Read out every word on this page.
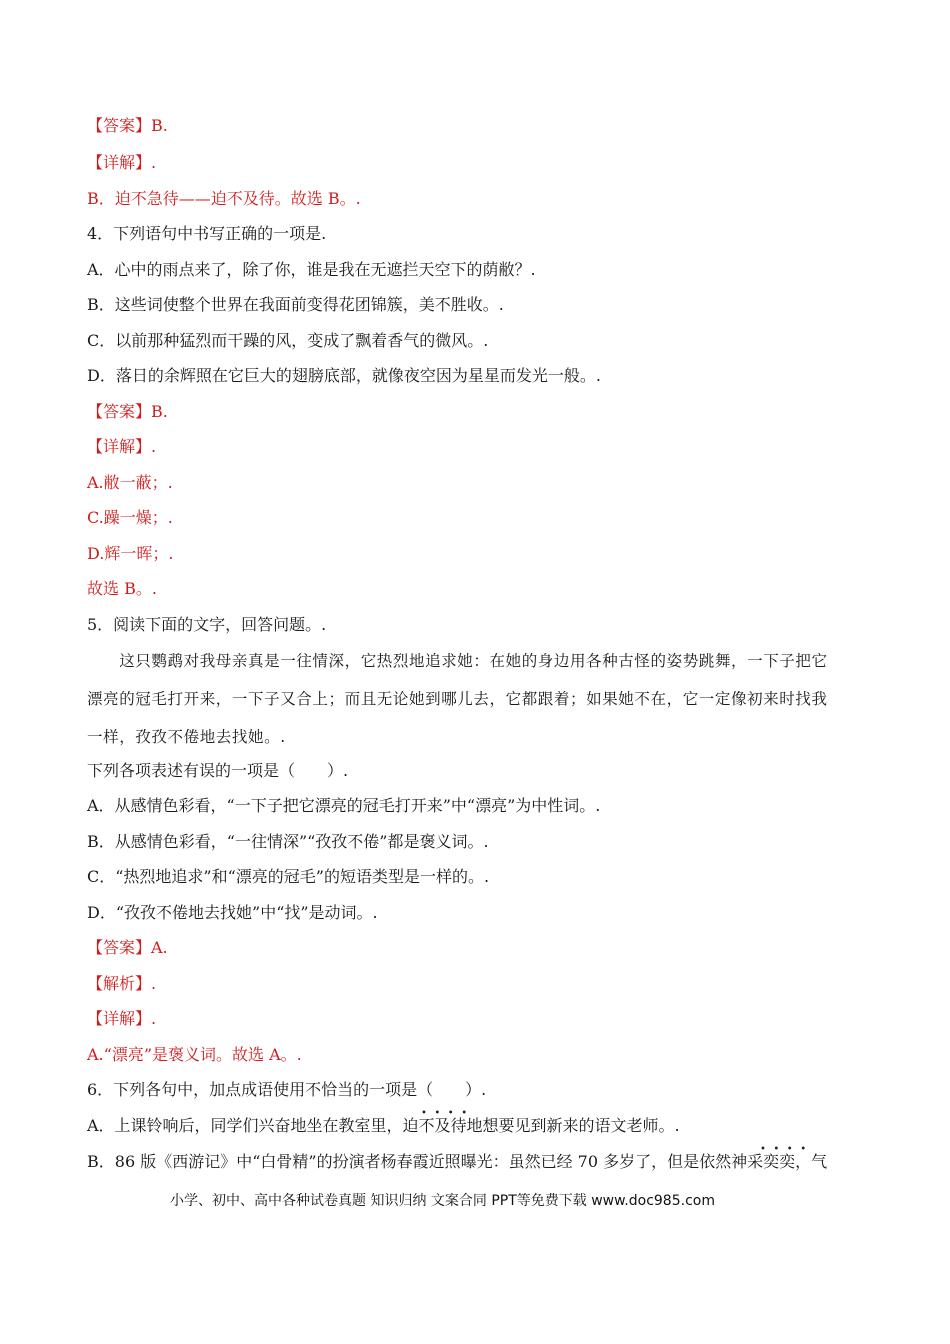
【答案】B.
【详解】.
B．迫不急待——迫不及待。故选 B。.
4．下列语句中书写正确的一项是.
A．心中的雨点来了，除了你，谁是我在无遮拦天空下的荫敝？.
B．这些词使整个世界在我面前变得花团锦簇，美不胜收。.
C．以前那种猛烈而干躁的风，变成了飘着香气的微风。.
D．落日的余辉照在它巨大的翅膀底部，就像夜空因为星星而发光一般。.
【答案】B.
【详解】.
A.敝一蔽；.
C.躁一燥；.
D.辉一晖；.
故选 B。.
5．阅读下面的文字，回答问题。.
下列各项表述有误的一项是（　　）.
A．从感情色彩看，“一下子把它漂亮的冠毛打开来”中“漂亮”为中性词。.
B．从感情色彩看，“一往情深”“孜孜不倦”都是褒义词。.
C．“热烈地追求”和“漂亮的冠毛”的短语类型是一样的。.
D．“孜孜不倦地去找她”中“找”是动词。.
【答案】A.
【解析】.
【详解】.
A.“漂亮”是褒义词。故选 A。.
6．下列各句中，加点成语使用不恰当的一项是（　　）.
A．上课铃响后，同学们兴奋地坐在教室里，迫不及待地想要见到新来的语文老师。.
B．86 版《西游记》中“白骨精”的扮演者杨春霞近照曝光：虽然已经 70 多岁了，但是依然神采奕奕，气
　　这只鹦鹉对我母亲真是一往情深，它热烈地追求她：在她的身边用各种古怪的姿势跳舞，一下子把它
漂亮的冠毛打开来，一下子又合上；而且无论她到哪儿去，它都跟着；如果她不在，它一定像初来时找我
一样，孜孜不倦地去找她。.
••••
••••
小学、初中、高中各种试卷真题 知识归纳 文案合同 PPT等免费下载 www.doc985.com
